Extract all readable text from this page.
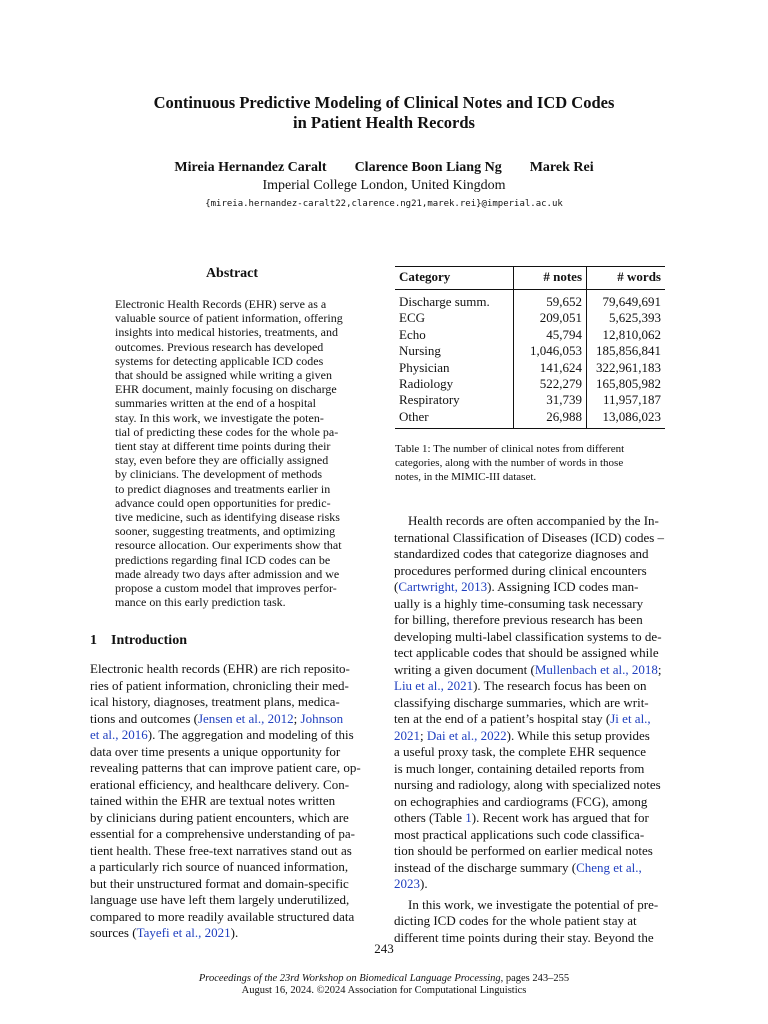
Continuous Predictive Modeling of Clinical Notes and ICD Codes
in Patient Health Records
Mireia Hernandez Caralt Clarence Boon Liang Ng Marek Rei
Imperial College London, United Kingdom
{mireia.hernandez-caralt22,clarence.ng21,marek.rei}@imperial.ac.uk
Abstract
Electronic Health Records (EHR) serve as a
valuable source of patient information, offering
insights into medical histories, treatments, and
outcomes. Previous research has developed
systems for detecting applicable ICD codes
that should be assigned while writing a given
EHR document, mainly focusing on discharge
summaries written at the end of a hospital
stay. In this work, we investigate the poten-
tial of predicting these codes for the whole pa-
tient stay at different time points during their
stay, even before they are officially assigned
by clinicians. The development of methods
to predict diagnoses and treatments earlier in
advance could open opportunities for predic-
tive medicine, such as identifying disease risks
sooner, suggesting treatments, and optimizing
resource allocation. Our experiments show that
predictions regarding final ICD codes can be
made already two days after admission and we
propose a custom model that improves perfor-
mance on this early prediction task.
1 Introduction
Electronic health records (EHR) are rich reposito-
ries of patient information, chronicling their med-
ical history, diagnoses, treatment plans, medica-
tions and outcomes (Jensen et al., 2012; Johnson
et al., 2016). The aggregation and modeling of this
data over time presents a unique opportunity for
revealing patterns that can improve patient care, op-
erational efficiency, and healthcare delivery. Con-
tained within the EHR are textual notes written
by clinicians during patient encounters, which are
essential for a comprehensive understanding of pa-
tient health. These free-text narratives stand out as
a particularly rich source of nuanced information,
but their unstructured format and domain-specific
language use have left them largely underutilized,
compared to more readily available structured data
sources (Tayefi et al., 2021).
Health records are often accompanied by the In-
ternational Classification of Diseases (ICD) codes –
standardized codes that categorize diagnoses and
procedures performed during clinical encounters
(Cartwright, 2013). Assigning ICD codes man-
ually is a highly time-consuming task necessary
for billing, therefore previous research has been
developing multi-label classification systems to de-
tect applicable codes that should be assigned while
writing a given document (Mullenbach et al., 2018;
Liu et al., 2021). The research focus has been on
classifying discharge summaries, which are writ-
ten at the end of a patient’s hospital stay (Ji et al.,
2021; Dai et al., 2022). While this setup provides
a useful proxy task, the complete EHR sequence
is much longer, containing detailed reports from
nursing and radiology, along with specialized notes
on echographies and cardiograms (FCG), among
others (Table 1). Recent work has argued that for
most practical applications such code classifica-
tion should be performed on earlier medical notes
instead of the discharge summary (Cheng et al.,
2023).
In this work, we investigate the potential of pre-
dicting ICD codes for the whole patient stay at
different time points during their stay. Beyond the
Category	# notes	# words
Discharge summ.	59,652	79,649,691
ECG	209,051	5,625,393
Echo	45,794	12,810,062
Nursing	1,046,053	185,856,841
Physician	141,624	322,961,183
Radiology	522,279	165,805,982
Respiratory	31,739	11,957,187
Other	26,988	13,086,023
Table 1: The number of clinical notes from different
categories, along with the number of words in those
notes, in the MIMIC-III dataset.
243
Proceedings of the 23rd Workshop on Biomedical Language Processing, pages 243–255
August 16, 2024. ©2024 Association for Computational Linguistics
